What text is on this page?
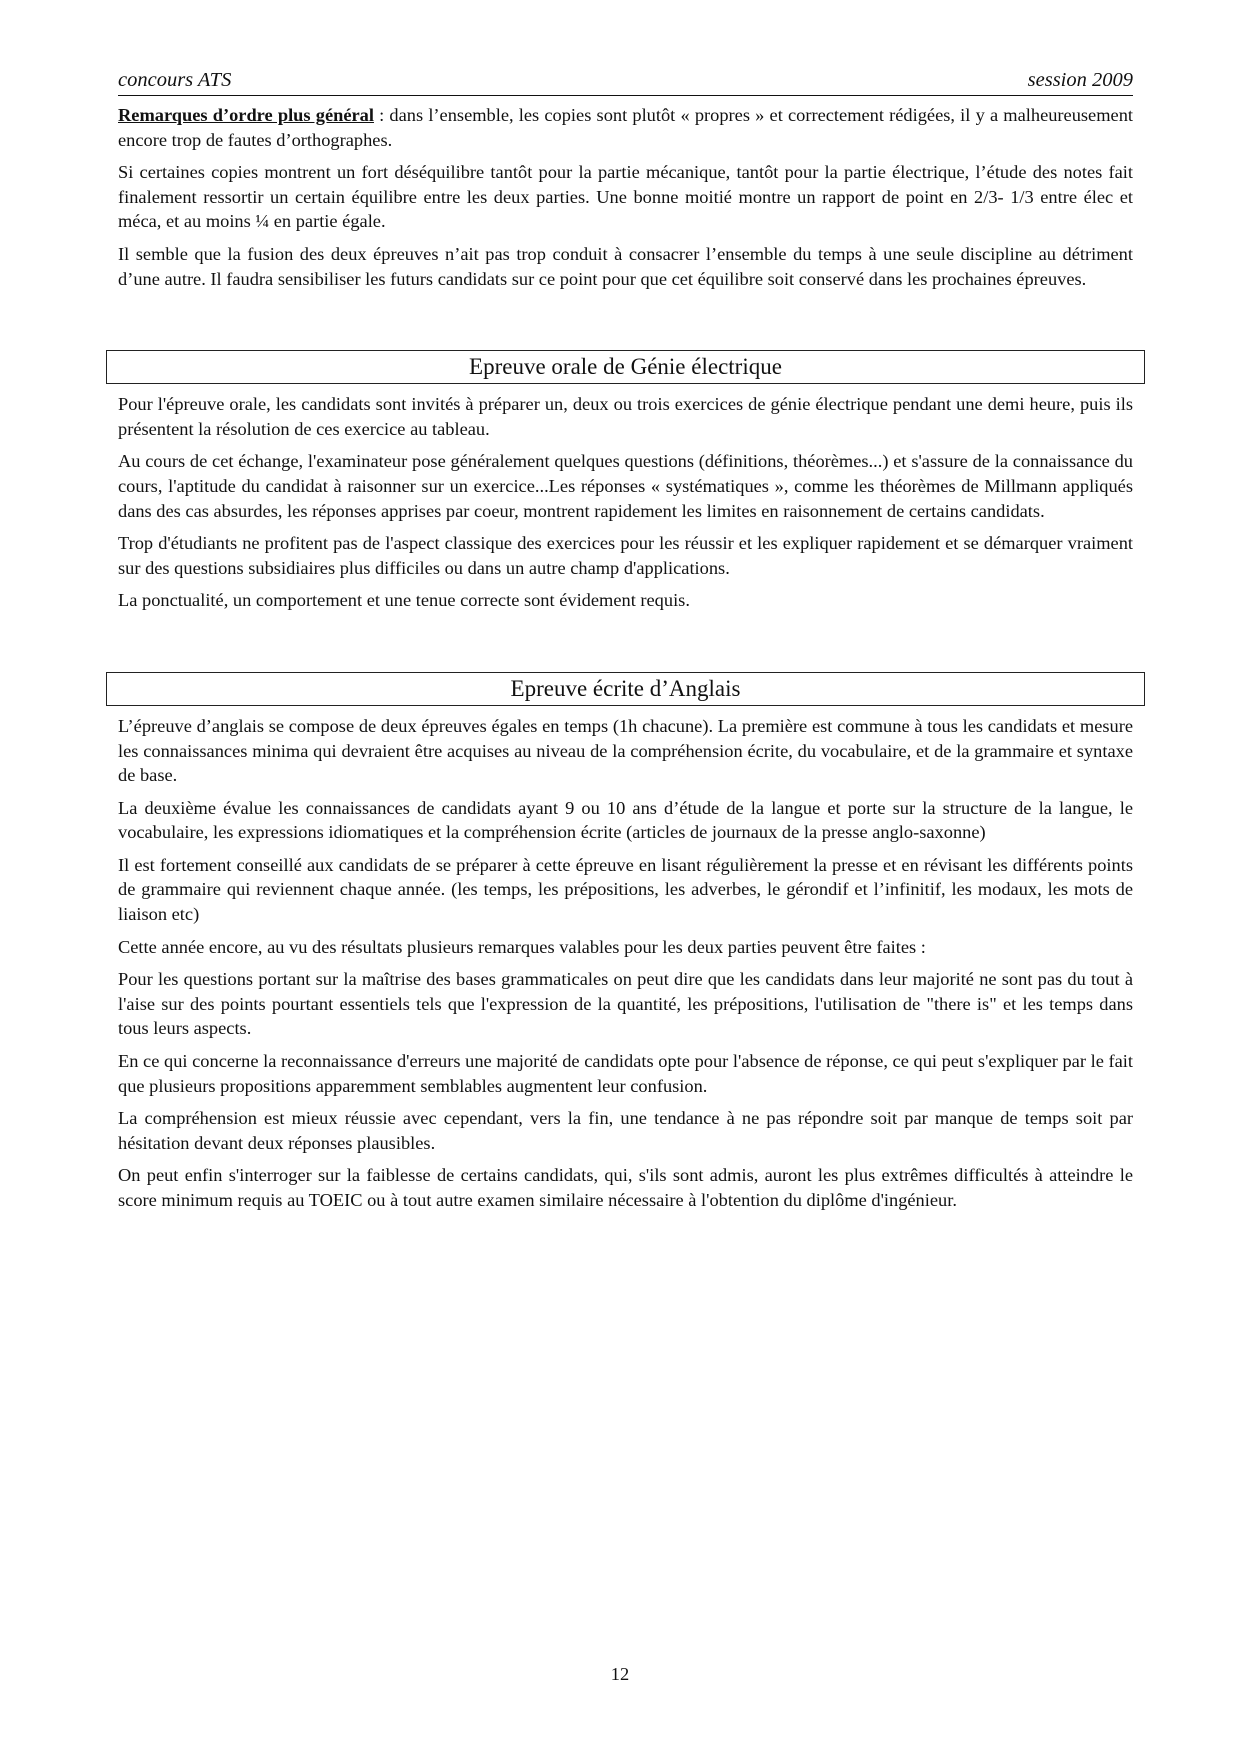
concours ATS	session 2009

Remarques d’ordre plus général : dans l’ensemble, les copies sont plutôt « propres » et correctement rédigées, il y a malheureusement encore trop de fautes d’orthographes.

Si certaines copies montrent un fort déséquilibre tantôt pour la partie mécanique, tantôt pour la partie électrique, l’étude des notes fait finalement ressortir un certain équilibre entre les deux parties. Une bonne moitié montre un rapport de point en 2/3- 1/3 entre élec et méca, et au moins ¼ en partie égale.

Il semble que la fusion des deux épreuves n’ait pas trop conduit à consacrer l’ensemble du temps à une seule discipline au détriment d’une autre. Il faudra sensibiliser les futurs candidats sur ce point pour que cet équilibre soit conservé dans les prochaines épreuves.

Epreuve orale de Génie électrique

Pour l'épreuve orale, les candidats sont invités à préparer un, deux ou trois exercices de génie électrique pendant une demi heure, puis ils présentent la résolution de ces exercice au tableau.

Au cours de cet échange, l'examinateur pose généralement quelques questions (définitions, théorèmes...) et s'assure de la connaissance du cours, l'aptitude du candidat à raisonner sur un exercice...Les réponses « systématiques », comme les théorèmes de Millmann appliqués dans des cas absurdes, les réponses apprises par coeur, montrent rapidement les limites en raisonnement de certains candidats.

Trop d'étudiants ne profitent pas de l'aspect classique des exercices pour les réussir et les expliquer rapidement et se démarquer vraiment sur des questions subsidiaires plus difficiles ou dans un autre champ d'applications.

La ponctualité, un comportement et une tenue correcte sont évidement requis.

Epreuve écrite d’Anglais

L’épreuve d’anglais se compose de deux épreuves égales en temps (1h chacune). La première est commune à tous les candidats et mesure les connaissances minima qui devraient être acquises au niveau de la compréhension écrite, du vocabulaire, et de la grammaire et syntaxe de base.

La deuxième évalue les connaissances de candidats ayant 9 ou 10 ans d’étude de la langue et porte sur la structure de la langue, le vocabulaire, les expressions idiomatiques et la compréhension écrite (articles de journaux de la presse anglo-saxonne)

Il est fortement conseillé aux candidats de se préparer à cette épreuve en lisant régulièrement la presse et en révisant les différents points de grammaire qui reviennent chaque année. (les temps, les prépositions, les adverbes, le gérondif et l’infinitif, les modaux, les mots de liaison etc)

Cette année encore, au vu des résultats plusieurs remarques valables pour les deux parties peuvent être faites :

Pour les questions portant sur la maîtrise des bases grammaticales on peut dire que les candidats dans leur majorité ne sont pas du tout à l'aise sur des points pourtant essentiels tels que l'expression de la quantité, les prépositions, l'utilisation de "there is" et les temps dans tous leurs aspects.

En ce qui concerne la reconnaissance d'erreurs une majorité de candidats opte pour l'absence de réponse, ce qui peut s'expliquer par le fait que plusieurs propositions apparemment semblables augmentent leur confusion.

La compréhension est mieux réussie avec cependant, vers la fin, une tendance à ne pas répondre soit par manque de temps soit par hésitation devant deux réponses plausibles.

On peut enfin s'interroger sur la faiblesse de certains candidats, qui, s'ils sont admis, auront les plus extrêmes difficultés à atteindre le score minimum requis au TOEIC ou à tout autre examen similaire nécessaire à l'obtention du diplôme d'ingénieur.

12
